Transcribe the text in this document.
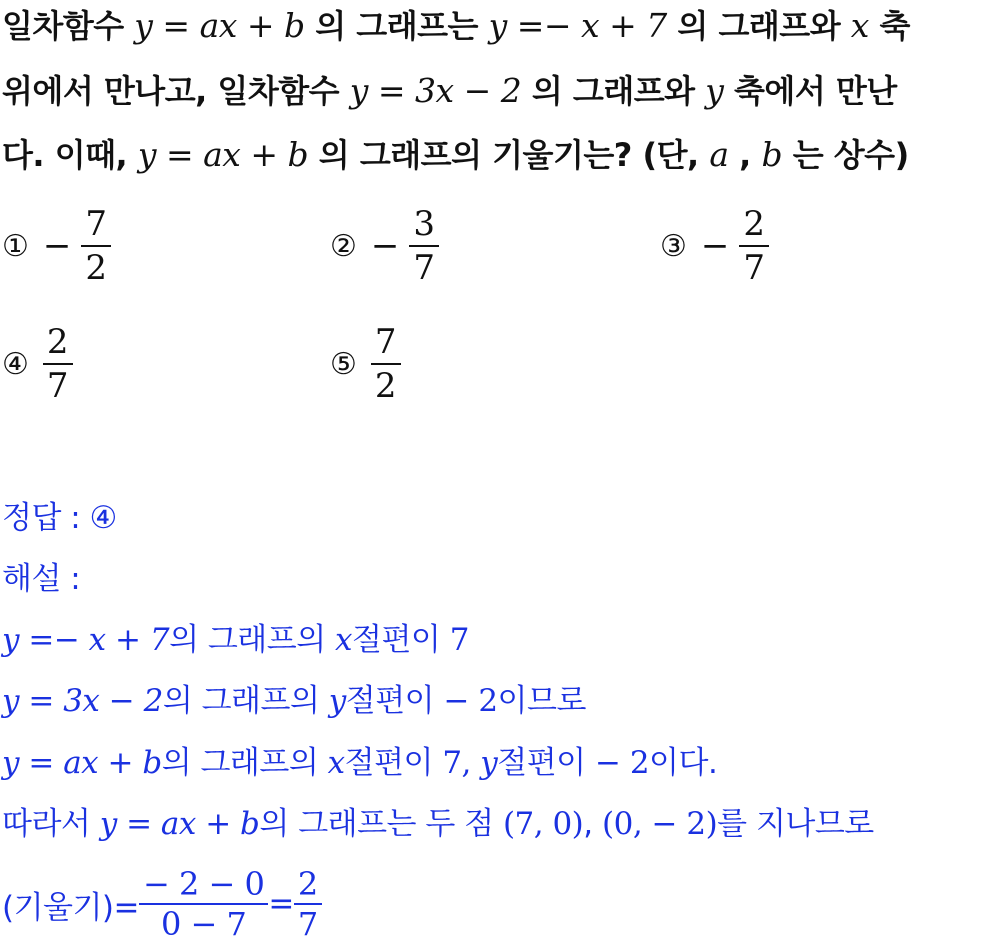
일차함수 y = ax + b 의 그래프는 y =− x + 7 의 그래프와 x 축
위에서 만나고, 일차함수 y = 3x − 2 의 그래프와 y 축에서 만난
다. 이때, y = ax + b 의 그래프의 기울기는? (단, a , b 는 상수)
① − $\frac{7}{2}$	② − $\frac{3}{7}$	③ − $\frac{2}{7}$
④ $\frac{2}{7}$	⑤ $\frac{7}{2}$
정답 : ④
해설 :
y =− x + 7의 그래프의 x절편이 7
y = 3x − 2의 그래프의 y절편이 − 2이므로
y = ax + b의 그래프의 x절편이 7, y절편이 − 2이다.
따라서 y = ax + b의 그래프는 두 점 (7, 0), (0, − 2)를 지나므로
(기울기)= $\frac{- 2 - 0}{0 - 7} = \frac{2}{7}$
